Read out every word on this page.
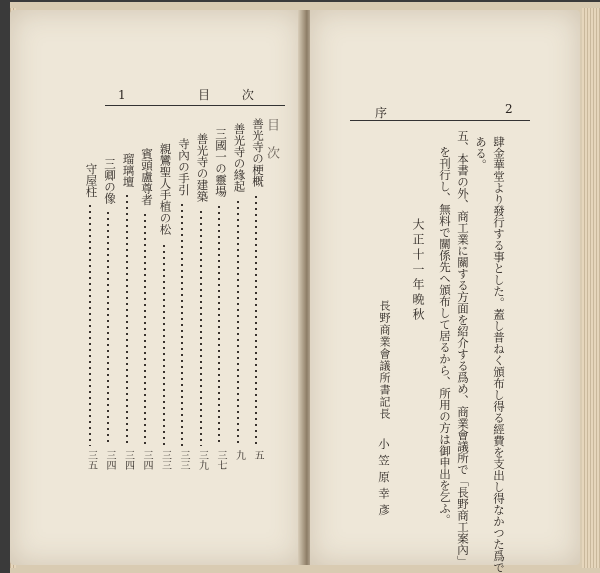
1	目 次
目 次
善光寺の梗概
五
善光寺の緣起
九
三國一の靈場
三七
善光寺の建築
三九
寺內の手引
三三
親鸞聖人手植の松
三三
賓頭盧尊者
三四
瑠璃壇
三四
三卿の像
三四
守屋柱
三五
序	2
肆金華堂より發行する事とした。蓋し普ねく頒布し得る經費を支出し得なかつた爲で
ある。
五、本書の外、商工業に關する方面を紹介する爲め、商業會議所で「長野商工案內」
を刊行し、無料で關係先へ頒布して居るから、所用の方は御申出を乞ふ。
大正十一年晩秋
長野商業會議所書記長
小笠原幸彥
